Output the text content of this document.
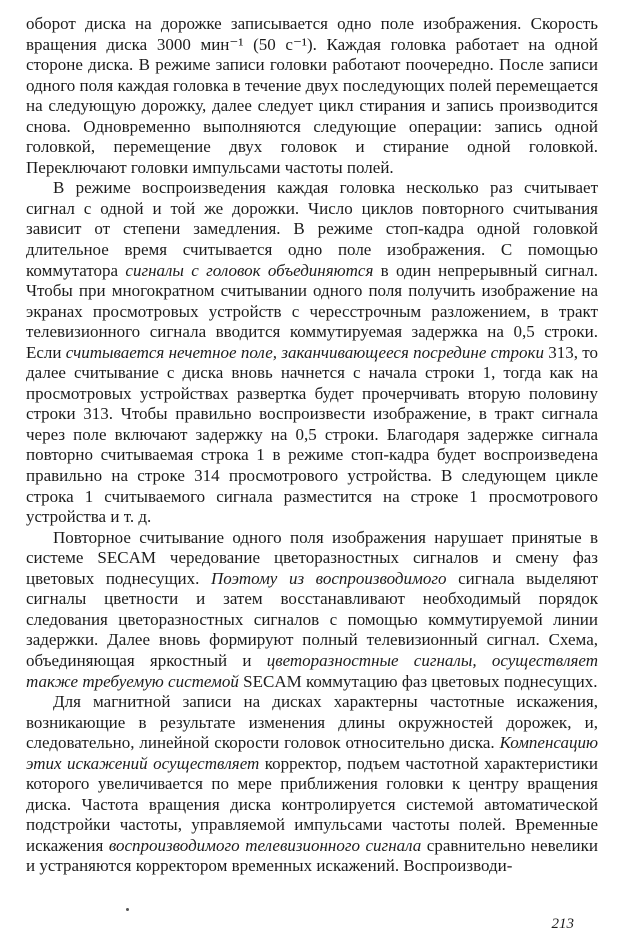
оборот диска на дорожке записывается одно поле изображения. Скорость вращения диска 3000 мин⁻¹ (50 с⁻¹). Каждая головка работает на одной стороне диска. В режиме записи головки работают поочередно. После записи одного поля каждая головка в течение двух последующих полей перемещается на следующую дорожку, далее следует цикл стирания и запись производится снова. Одновременно выполняются следующие операции: запись одной головкой, перемещение двух головок и стирание одной головкой. Переключают головки импульсами частоты полей.

В режиме воспроизведения каждая головка несколько раз считывает сигнал с одной и той же дорожки. Число циклов повторного считывания зависит от степени замедления. В режиме стоп-кадра одной головкой длительное время считывается одно поле изображения. С помощью коммутатора сигналы с головок объединяются в один непрерывный сигнал. Чтобы при многократном считывании одного поля получить изображение на экранах просмотровых устройств с чересстрочным разложением, в тракт телевизионного сигнала вводится коммутируемая задержка на 0,5 строки. Если считывается нечетное поле, заканчивающееся посредине строки 313, то далее считывание с диска вновь начнется с начала строки 1, тогда как на просмотровых устройствах развертка будет прочерчивать вторую половину строки 313. Чтобы правильно воспроизвести изображение, в тракт сигнала через поле включают задержку на 0,5 строки. Благодаря задержке сигнала повторно считываемая строка 1 в режиме стоп-кадра будет воспроизведена правильно на строке 314 просмотрового устройства. В следующем цикле строка 1 считываемого сигнала разместится на строке 1 просмотрового устройства и т. д.

Повторное считывание одного поля изображения нарушает принятые в системе SECAM чередование цветоразностных сигналов и смену фаз цветовых поднесущих. Поэтому из воспроизводимого сигнала выделяют сигналы цветности и затем восстанавливают необходимый порядок следования цветоразностных сигналов с помощью коммутируемой линии задержки. Далее вновь формируют полный телевизионный сигнал. Схема, объединяющая яркостный и цветоразностные сигналы, осуществляет также требуемую системой SECAM коммутацию фаз цветовых поднесущих.

Для магнитной записи на дисках характерны частотные искажения, возникающие в результате изменения длины окружностей дорожек, и, следовательно, линейной скорости головок относительно диска. Компенсацию этих искажений осуществляет корректор, подъем частотной характеристики которого увеличивается по мере приближения головки к центру вращения диска. Частота вращения диска контролируется системой автоматической подстройки частоты, управляемой импульсами частоты полей. Временные искажения воспроизводимого телевизионного сигнала сравнительно невелики и устраняются корректором временных искажений. Воспроизводи-

213
